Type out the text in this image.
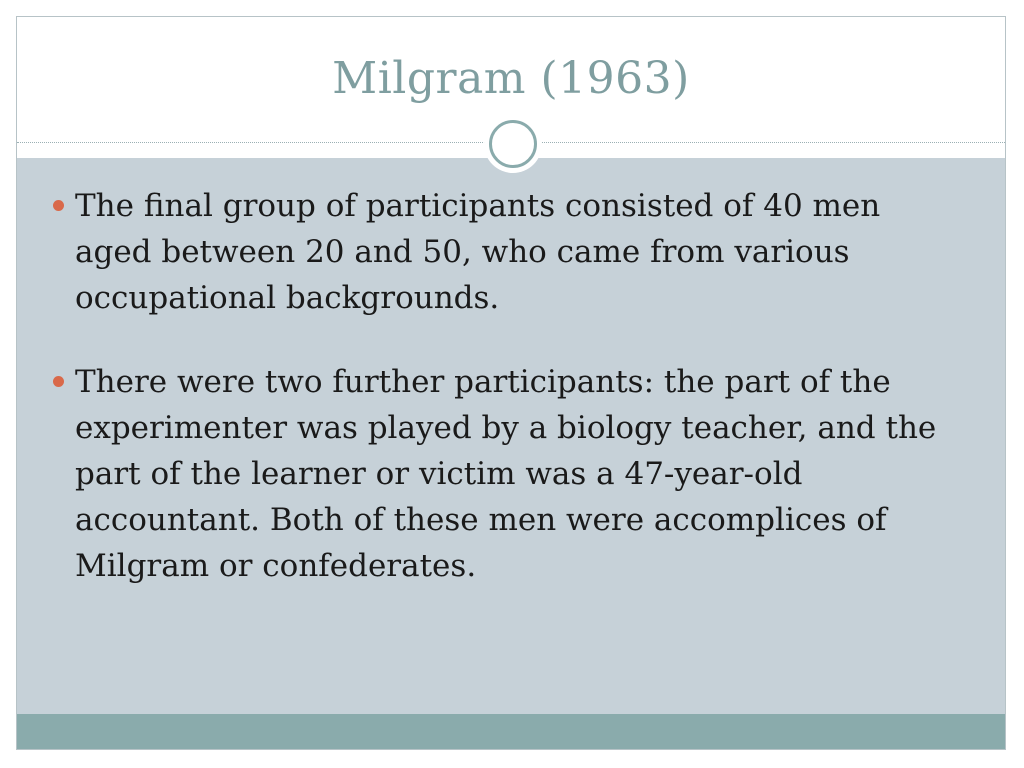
Milgram (1963)
The final group of participants consisted of 40 men aged between 20 and 50, who came from various occupational backgrounds.
There were two further participants: the part of the experimenter was played by a biology teacher, and the part of the learner or victim was a 47-year-old accountant. Both of these men were accomplices of Milgram or confederates.
